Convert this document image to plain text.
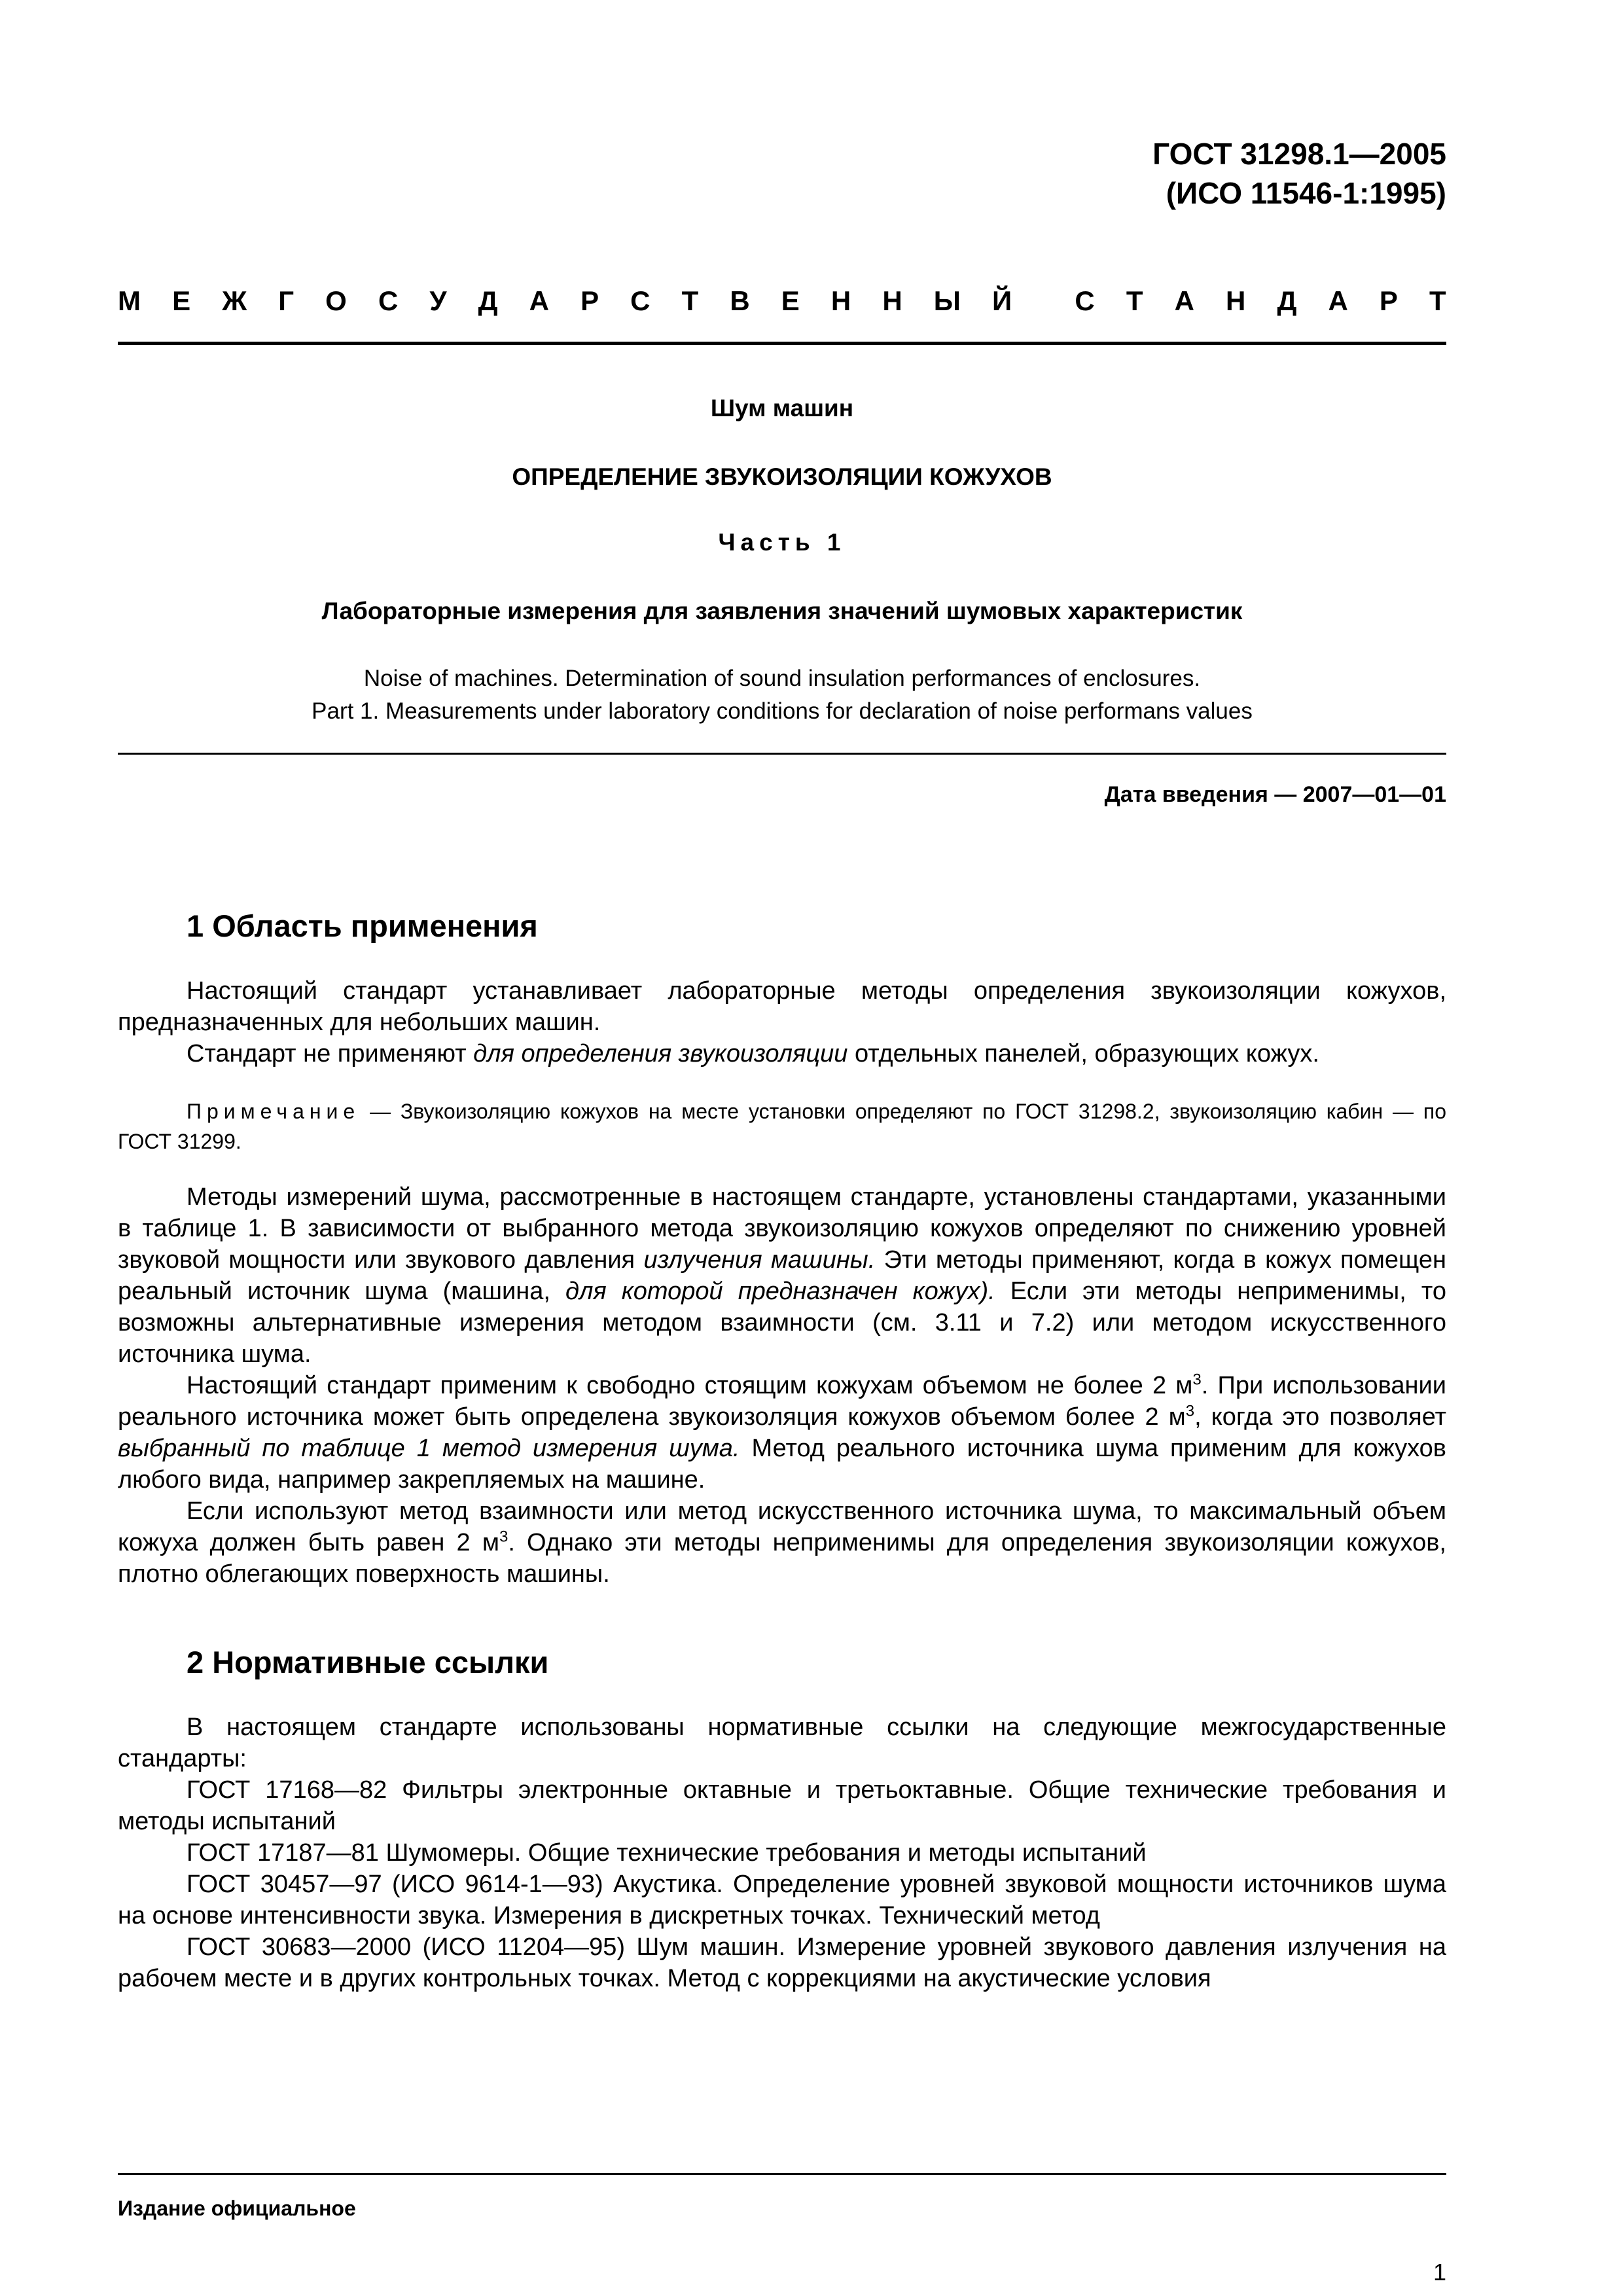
ГОСТ 31298.1—2005
(ИСО 11546-1:1995)
М Е Ж Г О С У Д А Р С Т В Е Н Н Ы Й С Т А Н Д А Р Т
Шум машин
ОПРЕДЕЛЕНИЕ ЗВУКОИЗОЛЯЦИИ КОЖУХОВ
Часть 1
Лабораторные измерения для заявления значений шумовых характеристик
Noise of machines. Determination of sound insulation performances of enclosures.
Part 1. Measurements under laboratory conditions for declaration of noise performans values
Дата введения — 2007—01—01
1 Область применения

Настоящий стандарт устанавливает лабораторные методы определения звукоизоляции кожухов, предназначенных для небольших машин.

Стандарт не применяют для определения звукоизоляции отдельных панелей, образующих кожух.

Примечание — Звукоизоляцию кожухов на месте установки определяют по ГОСТ 31298.2, звукоизоляцию кабин — по ГОСТ 31299.

Методы измерений шума, рассмотренные в настоящем стандарте, установлены стандартами, указанными в таблице 1. В зависимости от выбранного метода звукоизоляцию кожухов определяют по снижению уровней звуковой мощности или звукового давления излучения машины. Эти методы применяют, когда в кожух помещен реальный источник шума (машина, для которой предназначен кожух). Если эти методы неприменимы, то возможны альтернативные измерения методом взаимности (см. 3.11 и 7.2) или методом искусственного источника шума.

Настоящий стандарт применим к свободно стоящим кожухам объемом не более 2 $м^3$. При использовании реального источника может быть определена звукоизоляция кожухов объемом более 2 $м^3$, когда это позволяет выбранный по таблице 1 метод измерения шума. Метод реального источника шума применим для кожухов любого вида, например закрепляемых на машине.

Если используют метод взаимности или метод искусственного источника шума, то максимальный объем кожуха должен быть равен 2 $м^3$. Однако эти методы неприменимы для определения звукоизоляции кожухов, плотно облегающих поверхность машины.

2 Нормативные ссылки

В настоящем стандарте использованы нормативные ссылки на следующие межгосударственные стандарты:

ГОСТ 17168—82 Фильтры электронные октавные и третьоктавные. Общие технические требования и методы испытаний

ГОСТ 17187—81 Шумомеры. Общие технические требования и методы испытаний

ГОСТ 30457—97 (ИСО 9614-1—93) Акустика. Определение уровней звуковой мощности источников шума на основе интенсивности звука. Измерения в дискретных точках. Технический метод

ГОСТ 30683—2000 (ИСО 11204—95) Шум машин. Измерение уровней звукового давления излучения на рабочем месте и в других контрольных точках. Метод с коррекциями на акустические условия

Издание официальное
1
